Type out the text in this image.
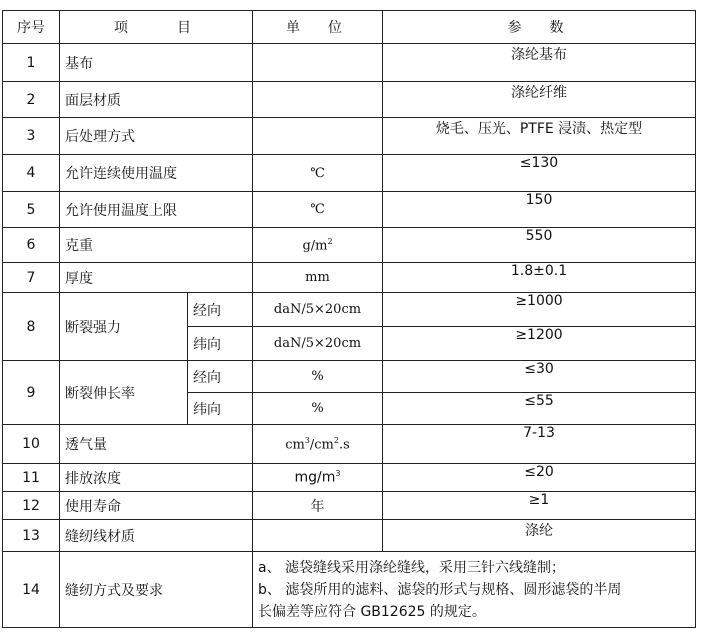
序号	项　　目		单　位	参　数
1	基布			涤纶基布
2	面层材质			涤纶纤维
3	后处理方式			烧毛、压光、PTFE 浸渍、热定型
4	允许连续使用温度		℃	≤130
5	允许使用温度上限		℃	150
6	克重		$g/m^2$	550
7	厚度		mm	1.8±0.1
8	断裂强力	经向	daN/5×20cm	≥1000
		纬向	daN/5×20cm	≥1200
9	断裂伸长率	经向	%	≤30
		纬向	%	≤55
10	透气量		$cm^3/cm^2.s$	7-13
11	排放浓度		$mg/m^3$	≤20
12	使用寿命		年	≥1
13	缝纫线材质			涤纶
14	缝纫方式及要求		a、 滤袋缝线采用涤纶缝线，采用三针六线缝制；
b、 滤袋所用的滤料、滤袋的形式与规格、圆形滤袋的半周
长偏差等应符合 GB12625 的规定。	
